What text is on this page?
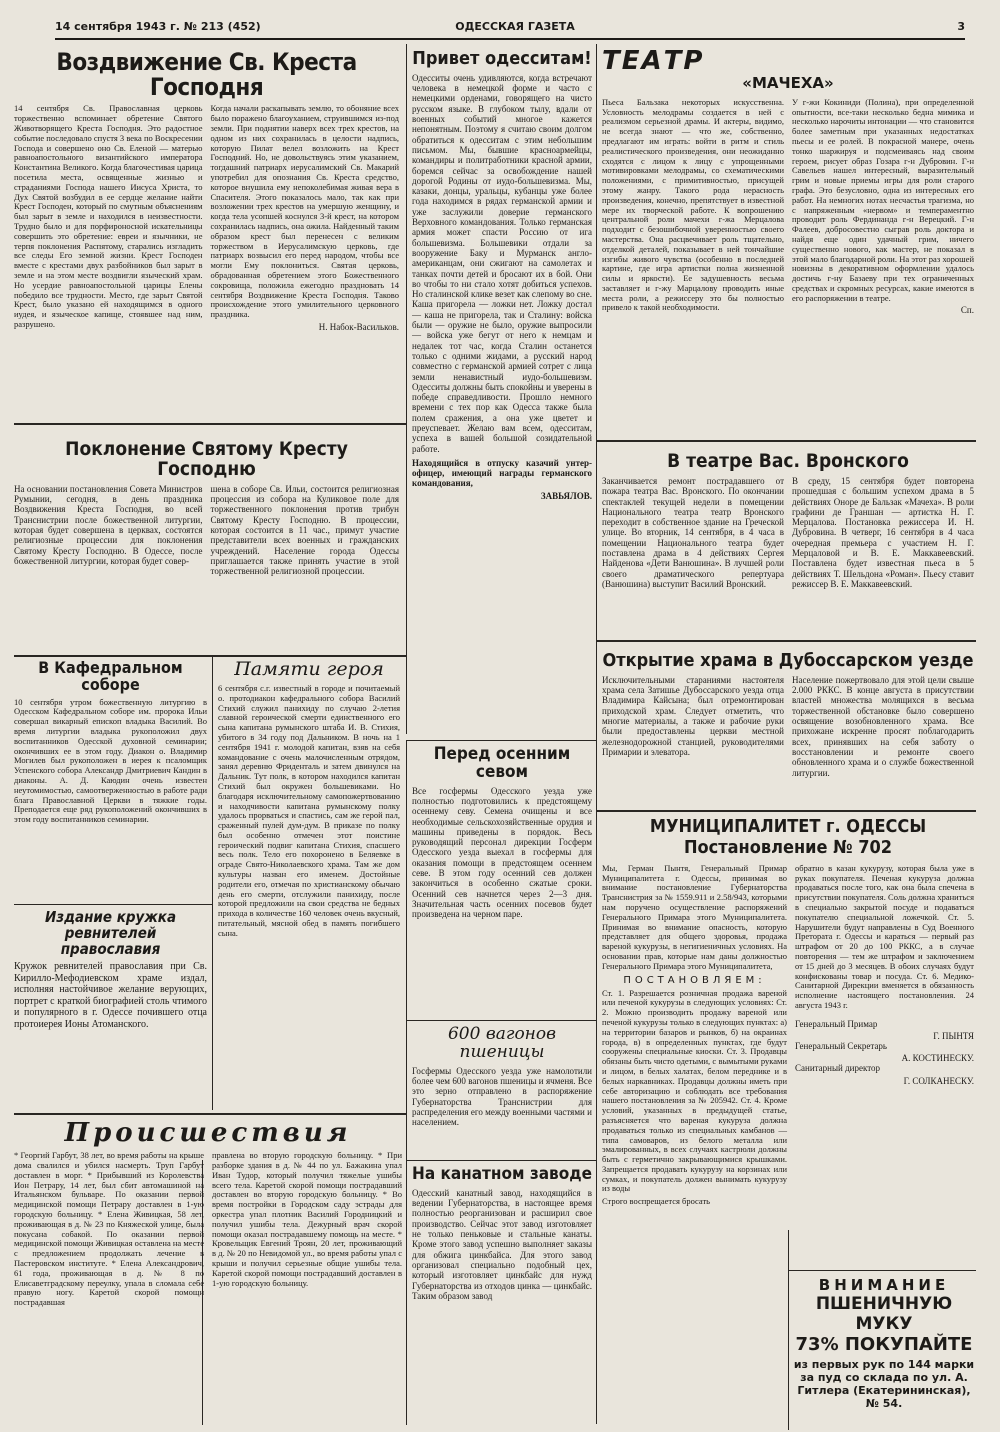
14 сентября 1943 г. № 213 (452)	ОДЕССКАЯ ГАЗЕТА	3
Воздвижение Св. Креста Господня
14 сентября Св. Православная церковь торжественно вспоминает обретение Святого Животворящего Креста Господня. Это радостное событие последовало спустя 3 века по Воскресении Господа и совершено оно Св. Еленой — матерью равноапостольного византийского императора Константина Великого. Когда благочестивая царица посетила места, освященные жизнью и страданиями Господа нашего Иисуса Христа, то Дух Святой возбудил в ее сердце желание найти Крест Господен, который по смутным объяснениям был зарыт в земле и находился в неизвестности. Трудно было и для порфироносной искательницы совершить это обретение: евреи и язычники, не терпя поклонения Распятому, старались изгладить все следы Его земной жизни. Крест Господен вместе с крестами двух разбойников был зарыт в земле и на этом месте воздвигли языческий храм. Но усердие равноапостольной царицы Елены победило все трудности. Место, где зарыт Святой Крест, было указано ей находящимся в одного иудея, и языческое капище, стоявшее над ним, разрушено.
Когда начали раскапывать землю, то обоняние всех было поражено благоуханием, струившимся из-под земли. При поднятии наверх всех трех крестов, на одном из них сохранилась в целости надпись, которую Пилат велел возложить на Крест Господний. Но, не довольствуясь этим указанием, тогдашний патриарх иерусалимский Св. Макарий употребил для опознания Св. Креста средство, которое внушила ему непоколебимая живая вера в Спасителя. Этого показалось мало, так как при возложении трех крестов на умершую женщину, и когда тела усопшей коснулся 3-й крест, на котором сохранилась надпись, она ожила. Найденный таким образом крест был перенесен с великим торжеством в Иерусалимскую церковь, где патриарх возвысил его перед народом, чтобы все могли Ему поклониться. Святая церковь, обрадованная обретением этого Божественного сокровища, положила ежегодно праздновать 14 сентября Воздвижение Креста Господня. Таково происхождение этого умилительного церковного праздника.
Н. Набок-Васильков.
Поклонение Святому Кресту Господню
На основании постановления Совета Министров Румынии, сегодня, в день праздника Воздвижения Креста Господня, во всей Транснистрии после божественной литургии, которая будет совершена в церквах, состоятся религиозные процессии для поклонения Святому Кресту Господню. В Одессе, после божественной литургии, которая будет совер-
шена в соборе Св. Ильи, состоится религиозная процессия из собора на Куликовое поле для торжественного поклонения против трибун Святому Кресту Господню. В процессии, которая состоится в 11 час., примут участие представители всех военных и гражданских учреждений. Население города Одессы приглашается также принять участие в этой торжественной религиозной процессии.
Привет одесситам!
Одесситы очень удивляются, когда встречают человека в немецкой форме и часто с немецкими орденами, говорящего на чисто русском языке. В глубоком тылу, вдали от военных событий многое кажется непонятным. Поэтому я считаю своим долгом обратиться к одесситам с этим небольшим письмом. Мы, бывшие красноармейцы, командиры и политработники красной армии, боремся сейчас за освобождение нашей дорогой Родины от иудо-большевизма. Мы, казаки, донцы, уральцы, кубанцы уже более года находимся в рядах германской армии и уже заслужили доверие германского Верховного командования. Только германская армия может спасти Россию от ига большевизма. Большевики отдали за вооружение Баку и Мурманск англо-американцам, они сжигают на самолетах и танках почти детей и бросают их в бой. Они во чтобы то ни стало хотят добиться успехов. Но сталинской клике везет как слепому во сне. Каша пригорела — ложки нет. Ложку достал — каша не пригорела, так и Сталину: войска были — оружие не было, оружие выпросили — войска уже бегут от него к немцам и недалек тот час, когда Сталин останется только с одними жидами, а русский народ совместно с германской армией сотрет с лица земли ненавистный иудо-большевизм. Одесситы должны быть спокойны и уверены в победе справедливости. Прошло немного времени с тех пор как Одесса также была полем сражения, а она уже цветет и преуспевает. Желаю вам всем, одесситам, успеха в вашей большой созидательной работе.
Находящийся в отпуску казачий унтер-офицер, имеющий награды германского командования,
ЗАВЬЯЛОВ.
ТЕАТР
«МАЧЕХА»
Пьеса Бальзака некоторых искусственна. Условность мелодрамы создается в ней с реализмом серьезной драмы. И актеры, видимо, не всегда знают — что же, собственно, предлагают им играть: войти в ритм и стиль реалистического произведения, они неожиданно сходятся с лицом к лицу с упрощенными мотивировками мелодрамы, со схематическими положениями, с примитивностью, присущей этому жанру. Такого рода нерасность произведения, конечно, препятствует в известной мере их творческой работе. К вопрошению центральной роли мачехи г-жа Мерцалова подходит с безошибочной уверенностью своего мастерства. Она расцвечивает роль тщательно, отделкой деталей, показывает в ней тончайшие изгибы живого чувства (особенно в последней картине, где игра артистки полна жизненной силы и яркости). Ее задушевность весьма заставляет и г-жу Марцалову проводить иные места роли, а режиссеру это бы полностью привело к такой необходимости.
У г-жи Кокиниди (Полина), при определенной опытности, все-таки несколько бедна мимика и несколько нарочиты интонации — что становится более заметным при указанных недостатках пьесы и ее ролей. В покрасной манере, очень тонко шаржируя и подсмеиваясь над своим героем, рисует образ Гозара г-н Дубровин. Г-н Савельев нашел интересный, выразительный грим и новые приемы игры для роли старого графа. Это безусловно, одна из интересных его работ. На немногих нотах несчастья трагизма, но с напряженным «нервом» и темпераментно проводит роль Фердинанда г-н Верецкий. Г-н Фалеев, добросовестно сыграв роль доктора и найдя еще один удачный грим, ничего существенно нового, как мастер, не показал в этой мало благодарной роли. На этот раз хорошей новизны в декоративном оформлении удалось достичь г-ну Базаеву при тех ограниченных средствах и скромных ресурсах, какие имеются в его распоряжении в театре.
Сп.
В театре Вас. Вронского
Заканчивается ремонт пострадавшего от пожара театра Вас. Вронского. По окончании спектаклей текущей недели в помещении Национального театра театр Вронского переходит в собственное здание на Греческой улице. Во вторник, 14 сентября, в 4 часа в помещении Национального театра будет поставлена драма в 4 действиях Сергея Найденова «Дети Ванюшина». В лучшей роли своего драматического репертуара (Ванюшина) выступит Василий Вронский.
В среду, 15 сентября будет повторена прошедшая с большим успехом драма в 5 действиях Оноре де Бальзак «Мачеха». В роли графини де Граншан — артистка Н. Г. Мерцалова. Постановка режиссера И. Н. Дубровина. В четверг, 16 сентября в 4 часа очередная премьера с участием Н. Г. Мерцаловой и В. Е. Маккавеевский. Поставлена будет известная пьеса в 5 действиях Т. Шельдона «Роман». Пьесу ставит режиссер В. Е. Маккавеевский.
В Кафедральном соборе
10 сентября утром божественную литургию в Одесском Кафедральном соборе им. пророка Ильи совершал викарный епископ владыка Василий. Во время литургии владыка рукоположил двух воспитанников Одесской духовной семинарии; окончивших ее в этом году. Диакон о. Владимир Могилев был рукоположен в иерея к псаломщик Успенского собора Александр Дмитриевич Кандин в диаконы. А. Д. Каюдин очень известен неутомимостью, самоотверженностью в работе ради блага Православной Церкви в тяжкие годы. Преподается еще ряд рукоположений окончивших в этом году воспитанников семинарии.
Издание кружка ревнителей православия
Кружок ревнителей православия при Св. Кирилло-Мефодиевском храме издал, исполняя настойчивое желание верующих, портрет с краткой биографией столь чтимого и популярного в г. Одессе почившего отца протоиерея Ионы Атоманского.
Памяти героя
6 сентября с.г. известный в городе и почитаемый о. протодиакон кафедрального собора Василий Стихий служил панихиду по случаю 2-летия славной героической смерти единственного его сына капитана румынского штаба И. В. Стихия, убитого в 34 году под Дальником. В ночь на 1 сентября 1941 г. молодой капитан, взяв на себя командование с очень малочисленным отрядом, занял деревню Фриденталь и затем двинулся на Дальник. Тут полк, в котором находился капитан Стихий был окружен большевиками. Но благодаря исключительному самопожертвованию и находчивости капитана румынскому полку удалось прорваться и спастись, сам же герой пал, сраженный пулей дум-дум. В приказе по полку был особенно отмечен этот поистине героический подвиг капитана Стихия, спасшего весь полк. Тело его похоронено в Беляевке в ограде Свято-Николаевского храма. Там же дом культуры назван его именем. Достойные родители его, отмечая по христианскому обычаю день его смерти, отслужили панихиду, после которой предложили на свои средства не бедных прихода в количестве 160 человек очень вкусный, питательный, мясной обед в память погибшего сына.
Перед осенним севом
Все госфермы Одесского уезда уже полностью подготовились к предстоящему осеннему севу. Семена очищены и все необходимые сельскохозяйственные орудия и машины приведены в порядок. Весь руководящий персонал дирекции Госферм Одесского уезда выехал в госфермы для оказания помощи в предстоящем осеннем севе. В этом году осенний сев должен закончиться в особенно сжатые сроки. Осенний сев начнется через 2—3 дня. Значительная часть осенних посевов будет произведена на черном паре.
600 вагонов пшеницы
Госфермы Одесского уезда уже намолотили более чем 600 вагонов пшеницы и ячменя. Все это зерно отправлено в распоряжение Губернаторства Транснистрии для распределения его между военными частями и населением.
На канатном заводе
Одесский канатный завод, находящийся в ведении Губернаторства, в настоящее время полностью реорганизован и расширил свое производство. Сейчас этот завод изготовляет не только пеньковые и стальные канаты. Кроме этого завод успешно выполняет заказы для обжига цинкбайса. Для этого завод организовал специально подобный цех, который изготовляет цинкбайс для нужд Губернаторства из отходов цинка — цинкбайс. Таким образом завод
Открытие храма в Дубоссарском уезде
Исключительными стараниями настоятеля храма села Затишье Дубоссарского уезда отца Владимира Кайсына; был отремонтирован приходской храм. Следует отметить, что многие материалы, а также и рабочие руки были предоставлены церкви местной железнодорожной станцией, руководителями Примарии и элеватора.
Население пожертвовало для этой цели свыше 2.000 РККС. В конце августа в присутствии властей множества молящихся в весьма торжественной обстановке было совершено освящение возобновленного храма. Все прихожане искренне просят поблагодарить всех, принявших на себя заботу о восстановлении и ремонте своего обновленного храма и о службе божественной литургии.
МУНИЦИПАЛИТЕТ г. ОДЕССЫ
Постановление № 702
Мы, Герман Пынтя, Генеральный Примар Муниципалитета г. Одессы, принимая во внимание постановление Губернаторства Транснистрия за № 1559.911 и 2.58/943, которыми нам поручено осуществление распоряжений Генерального Примара этого Муниципалитета. Принимая во внимание опасность, которую представляет для общего здоровья, продажа вареной кукурузы, в негигиеничных условиях. На основании прав, которые нам даны должностью Генерального Примара этого Муниципалитета,
ПОСТАНОВЛЯЕМ:
Ст. 1. Разрешается розничная продажа вареной или печеной кукурузы в следующих условиях: Ст. 2. Можно производить продажу вареной или печеной кукурузы только в следующих пунктах: а) на территории базаров и рынков, б) на окраинах города, в) в определенных пунктах, где будут сооружены специальные киоски. Ст. 3. Продавцы обязаны быть чисто одетыми, с вымытыми руками и лицом, в белых халатах, белом переднике и в белых наркавниках. Продавцы должны иметь при себе авторизацию и соблюдать все требования нашего постановления за № 205942. Ст. 4. Кроме условий, указанных в предыдущей статье, разъясняется что вареная кукуруза должна продаваться только из специальных камбанов — типа самоваров, из белого металла или эмалированных, в всех случаях кастрюли должны быть с герметично закрывающимися крышками. Запрещается продавать кукурузу на корзинах или сумках, и покупатель должен вынимать кукурузу из воды
Строго воспрещается бросать
обратно в казан кукурузу, которая была уже в руках покупателя. Печеная кукуруза должна продаваться после того, как она была спечена в присутствии покупателя. Соль должна храниться в специально закрытой посуде и подаваться покупателю специальной ложечкой. Ст. 5. Нарушители будут направлены в Суд Военного Претората г. Одессы и караться — первый раз штрафом от 20 до 100 РККС, а в случае повторения — тем же штрафом и заключением от 15 дней до 3 месяцев. В обоих случаях будут конфискованы товар и посуда. Ст. 6. Медико-Санитарной Дирекции вменяется в обязанность исполнение настоящего постановления. 24 августа 1943 г.
Генеральный Примар
Г. ПЫНТЯ
Генеральный Секретарь
А. КОСТИНЕСКУ.
Санитарный директор
Г. СОЛКАНЕСКУ.
Происшествия
* Георгий Гарбут, 38 лет, во время работы на крыше дома свалился и убился насмерть. Труп Гарбут доставлен в морг. * Прибывший из Королевства Ион Петрару, 14 лет, был сбит автомашиной на Итальянском бульваре. По оказании первой медицинской помощи Петрару доставлен в 1-ую городскую больницу. * Елена Живицкая, 58 лет, проживающая в д. № 23 по Княжеской улице, была покусана собакой. По оказании первой медицинской помощи Живицкая оставлена на месте с предложением продолжать лечение в Пастеровском институте. * Елена Александрович, 61 года, проживающая в д. № 8 по Елисаветградскому переулку, упала в сломала себе правую ногу. Каретой скорой помощи пострадавшая
правлена во вторую городскую больницу. * При разборке здания в д. № 44 по ул. Бажакина упал Иван Тудор, который получил тяжелые ушибы всего тела. Каретой скорой помощи пострадавший доставлен во вторую городскую больницу. * Во время постройки в Городском саду эстрады для оркестра упал плотник Василий Городницкий и получил ушибы тела. Дежурный врач скорой помощи оказал пострадавшему помощь на месте. * Кровельщик Евгений Троян, 20 лет, проживающий в д. № 20 по Невидомой ул., во время работы упал с крыши и получил серьезные общие ушибы тела. Каретой скорой помощи пострадавший доставлен в 1-ую городскую больницу.	ВНИМАНИЕ
ПШЕНИЧНУЮ МУКУ
73% ПОКУПАЙТЕ
из первых рук по 144 марки за пуд со склада по ул. А. Гитлера (Екатерининская), № 54.
